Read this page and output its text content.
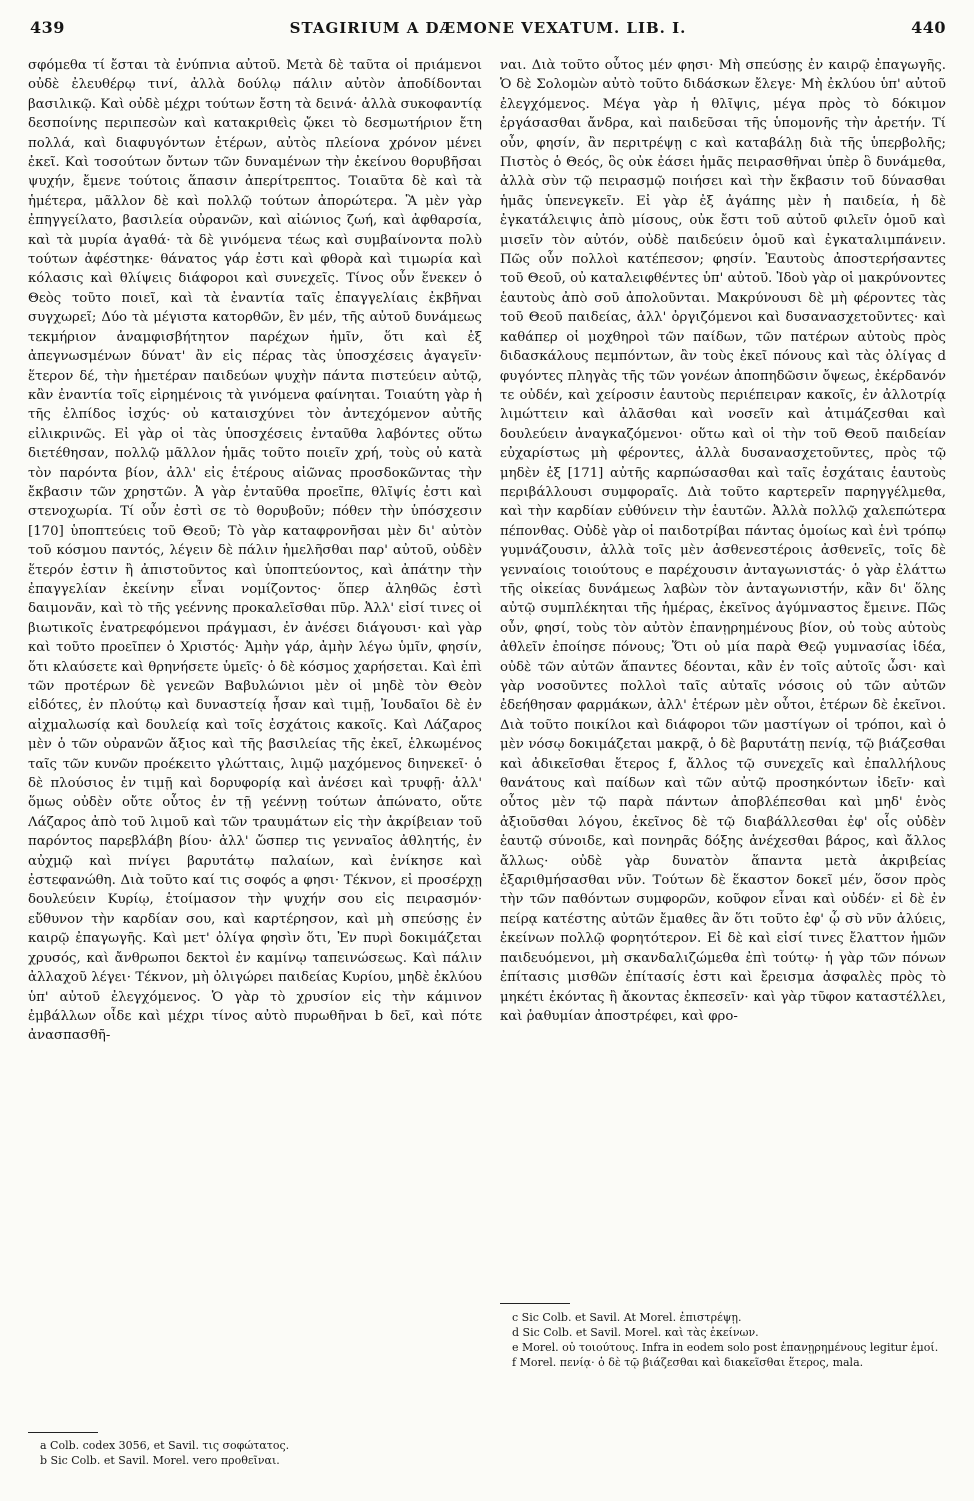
439	STAGIRIUM A DÆMONE VEXATUM. LIB. I.	440

σφόμεθα τί ἔσται τὰ ἐνύπνια αὐτοῦ. Μετὰ δὲ ταῦτα οἱ πριάμενοι οὐδὲ ἐλευθέρῳ τινί, ἀλλὰ δούλῳ πάλιν αὐτὸν ἀποδίδονται βασιλικῷ. Καὶ οὐδὲ μέχρι τούτων ἔστη τὰ δεινά· ἀλλὰ συκοφαντίᾳ δεσποίνης περιπεσὼν καὶ κατακριθεὶς ᾤκει τὸ δεσμωτήριον ἔτη πολλά, καὶ διαφυγόντων ἑτέρων, αὐτὸς πλείονα χρόνον μένει ἐκεῖ. Καὶ τοσούτων ὄντων τῶν δυναμένων τὴν ἐκείνου θορυβῆσαι ψυχήν, ἔμενε τούτοις ἅπασιν ἀπερίτρεπτος. Τοιαῦτα δὲ καὶ τὰ ἡμέτερα, μᾶλλον δὲ καὶ πολλῷ τούτων ἀπορώτερα. Ἃ μὲν γὰρ ἐπηγγείλατο, βασιλεία οὐρανῶν, καὶ αἰώνιος ζωή, καὶ ἀφθαρσία, καὶ τὰ μυρία ἀγαθά· τὰ δὲ γινόμενα τέως καὶ συμβαίνοντα πολὺ τούτων ἀφέστηκε· θάνατος γάρ ἐστι καὶ φθορὰ καὶ τιμωρία καὶ κόλασις καὶ θλίψεις διάφοροι καὶ συνεχεῖς. Τίνος οὖν ἕνεκεν ὁ Θεὸς τοῦτο ποιεῖ, καὶ τὰ ἐναντία ταῖς ἐπαγγελίαις ἐκβῆναι συγχωρεῖ; Δύο τὰ μέγιστα κατορθῶν, ἓν μέν, τῆς αὐτοῦ δυνάμεως τεκμήριον ἀναμφισβήτητον παρέχων ἡμῖν, ὅτι καὶ ἐξ ἀπεγνωσμένων δύνατ' ἂν εἰς πέρας τὰς ὑποσχέσεις ἀγαγεῖν· ἕτερον δέ, τὴν ἡμετέραν παιδεύων ψυχὴν πάντα πιστεύειν αὐτῷ, κἂν ἐναντία τοῖς εἰρημένοις τὰ γινόμενα φαίνηται. Τοιαύτη γὰρ ἡ τῆς ἐλπίδος ἰσχύς· οὐ καταισχύνει τὸν ἀντεχόμενον αὐτῆς εἰλικρινῶς. Εἰ γὰρ οἱ τὰς ὑποσχέσεις ἐνταῦθα λαβόντες οὕτω διετέθησαν, πολλῷ μᾶλλον ἡμᾶς τοῦτο ποιεῖν χρή, τοὺς οὐ κατὰ τὸν παρόντα βίον, ἀλλ' εἰς ἑτέρους αἰῶνας προσδοκῶντας τὴν ἔκβασιν τῶν χρηστῶν. Ἀ γὰρ ἐνταῦθα προεῖπε, θλῖψίς ἐστι καὶ στενοχωρία. Τί οὖν ἐστὶ σε τὸ θορυβοῦν; πόθεν τὴν ὑπόσχεσιν [170] ὑποπτεύεις τοῦ Θεοῦ; Τὸ γὰρ καταφρονῆσαι μὲν δι' αὐτὸν τοῦ κόσμου παντός, λέγειν δὲ πάλιν ἠμελῆσθαι παρ' αὐτοῦ, οὐδὲν ἕτερόν ἐστιν ἢ ἀπιστοῦντος καὶ ὑποπτεύοντος, καὶ ἀπάτην τὴν ἐπαγγελίαν ἐκείνην εἶναι νομίζοντος· ὅπερ ἀληθῶς ἐστὶ δαιμονᾶν, καὶ τὸ τῆς γεέννης προκαλεῖσθαι πῦρ. Ἀλλ' εἰσί τινες οἱ βιωτικοῖς ἐνατρεφόμενοι πράγμασι, ἐν ἀνέσει διάγουσι· καὶ γὰρ καὶ τοῦτο προεῖπεν ὁ Χριστός· Ἀμὴν γάρ, ἀμὴν λέγω ὑμῖν, φησίν, ὅτι κλαύσετε καὶ θρηνήσετε ὑμεῖς· ὁ δὲ κόσμος χαρήσεται. Καὶ ἐπὶ τῶν προτέρων δὲ γενεῶν Βαβυλώνιοι μὲν οἱ μηδὲ τὸν Θεὸν εἰδότες, ἐν πλούτῳ καὶ δυναστείᾳ ἦσαν καὶ τιμῇ, Ἰουδαῖοι δὲ ἐν αἰχμαλωσίᾳ καὶ δουλείᾳ καὶ τοῖς ἐσχάτοις κακοῖς. Καὶ Λάζαρος μὲν ὁ τῶν οὐρανῶν ἄξιος καὶ τῆς βασιλείας τῆς ἐκεῖ, ἑλκωμένος ταῖς τῶν κυνῶν προέκειτο γλώτταις, λιμῷ μαχόμενος διηνεκεῖ· ὁ δὲ πλούσιος ἐν τιμῇ καὶ δορυφορίᾳ καὶ ἀνέσει καὶ τρυφῇ· ἀλλ' ὅμως οὐδὲν οὔτε οὗτος ἐν τῇ γεέννῃ τούτων ἀπώνατο, οὔτε Λάζαρος ἀπὸ τοῦ λιμοῦ καὶ τῶν τραυμάτων εἰς τὴν ἀκρίβειαν τοῦ παρόντος παρεβλάβη βίου· ἀλλ' ὥσπερ τις γενναῖος ἀθλητής, ἐν αὐχμῷ καὶ πνίγει βαρυτάτῳ παλαίων, καὶ ἐνίκησε καὶ ἐστεφανώθη. Διὰ τοῦτο καί τις σοφός a φησι· Τέκνον, εἰ προσέρχῃ δουλεύειν Κυρίῳ, ἑτοίμασον τὴν ψυχήν σου εἰς πειρασμόν· εὔθυνον τὴν καρδίαν σου, καὶ καρτέρησον, καὶ μὴ σπεύσῃς ἐν καιρῷ ἐπαγωγῆς. Καὶ μετ' ὀλίγα φησὶν ὅτι, Ἐν πυρὶ δοκιμάζεται χρυσός, καὶ ἄνθρωποι δεκτοὶ ἐν καμίνῳ ταπεινώσεως. Καὶ πάλιν ἀλλαχοῦ λέγει· Τέκνον, μὴ ὀλιγώρει παιδείας Κυρίου, μηδὲ ἐκλύου ὑπ' αὐτοῦ ἐλεγχόμενος. Ὁ γὰρ τὸ χρυσίον εἰς τὴν κάμινον ἐμβάλλων οἶδε καὶ μέχρι τίνος αὐτὸ πυρωθῆναι b δεῖ, καὶ πότε ἀνασπασθῆ-

ναι. Διὰ τοῦτο οὗτος μέν φησι· Μὴ σπεύσῃς ἐν καιρῷ ἐπαγωγῆς. Ὁ δὲ Σολομὼν αὐτὸ τοῦτο διδάσκων ἔλεγε· Μὴ ἐκλύου ὑπ' αὐτοῦ ἐλεγχόμενος. Μέγα γὰρ ἡ θλῖψις, μέγα πρὸς τὸ δόκιμον ἐργάσασθαι ἄνδρα, καὶ παιδεῦσαι τῆς ὑπομονῆς τὴν ἀρετήν. Τί οὖν, φησίν, ἂν περιτρέψῃ c καὶ καταβάλῃ διὰ τῆς ὑπερβολῆς; Πιστὸς ὁ Θεός, ὃς οὐκ ἐάσει ἡμᾶς πειρασθῆναι ὑπὲρ ὃ δυνάμεθα, ἀλλὰ σὺν τῷ πειρασμῷ ποιήσει καὶ τὴν ἔκβασιν τοῦ δύνασθαι ἡμᾶς ὑπενεγκεῖν. Εἰ γὰρ ἐξ ἀγάπης μὲν ἡ παιδεία, ἡ δὲ ἐγκατάλειψις ἀπὸ μίσους, οὐκ ἔστι τοῦ αὐτοῦ φιλεῖν ὁμοῦ καὶ μισεῖν τὸν αὐτόν, οὐδὲ παιδεύειν ὁμοῦ καὶ ἐγκαταλιμπάνειν. Πῶς οὖν πολλοὶ κατέπεσον; φησίν. Ἑαυτοὺς ἀποστερήσαντες τοῦ Θεοῦ, οὐ καταλειφθέντες ὑπ' αὐτοῦ. Ἰδοὺ γὰρ οἱ μακρύνοντες ἑαυτοὺς ἀπὸ σοῦ ἀπολοῦνται. Μακρύνουσι δὲ μὴ φέροντες τὰς τοῦ Θεοῦ παιδείας, ἀλλ' ὀργιζόμενοι καὶ δυσανασχετοῦντες· καὶ καθάπερ οἱ μοχθηροὶ τῶν παίδων, τῶν πατέρων αὐτοὺς πρὸς διδασκάλους πεμπόντων, ἂν τοὺς ἐκεῖ πόνους καὶ τὰς ὀλίγας d φυγόντες πληγὰς τῆς τῶν γονέων ἀποπηδῶσιν ὄψεως, ἐκέρδανόν τε οὐδέν, καὶ χείροσιν ἑαυτοὺς περιέπειραν κακοῖς, ἐν ἀλλοτρίᾳ λιμώττειν καὶ ἀλᾶσθαι καὶ νοσεῖν καὶ ἀτιμάζεσθαι καὶ δουλεύειν ἀναγκαζόμενοι· οὕτω καὶ οἱ τὴν τοῦ Θεοῦ παιδείαν εὐχαρίστως μὴ φέροντες, ἀλλὰ δυσανασχετοῦντες, πρὸς τῷ μηδὲν ἐξ [171] αὐτῆς καρπώσασθαι καὶ ταῖς ἐσχάταις ἑαυτοὺς περιβάλλουσι συμφοραῖς. Διὰ τοῦτο καρτερεῖν παρηγγέλμεθα, καὶ τὴν καρδίαν εὐθύνειν τὴν ἑαυτῶν. Ἀλλὰ πολλῷ χαλεπώτερα πέπονθας. Οὐδὲ γὰρ οἱ παιδοτρίβαι πάντας ὁμοίως καὶ ἑνὶ τρόπῳ γυμνάζουσιν, ἀλλὰ τοῖς μὲν ἀσθενεστέροις ἀσθενεῖς, τοῖς δὲ γενναίοις τοιούτους e παρέχουσιν ἀνταγωνιστάς· ὁ γὰρ ἐλάττω τῆς οἰκείας δυνάμεως λαβὼν τὸν ἀνταγωνιστήν, κἂν δι' ὅλης αὐτῷ συμπλέκηται τῆς ἡμέρας, ἐκεῖνος ἀγύμναστος ἔμεινε. Πῶς οὖν, φησί, τοὺς τὸν αὐτὸν ἐπανῃρημένους βίον, οὐ τοὺς αὐτοὺς ἀθλεῖν ἐποίησε πόνους; Ὅτι οὐ μία παρὰ Θεῷ γυμνασίας ἰδέα, οὐδὲ τῶν αὐτῶν ἅπαντες δέονται, κἂν ἐν τοῖς αὐτοῖς ὦσι· καὶ γὰρ νοσοῦντες πολλοὶ ταῖς αὐταῖς νόσοις οὐ τῶν αὐτῶν ἐδεήθησαν φαρμάκων, ἀλλ' ἑτέρων μὲν οὗτοι, ἑτέρων δὲ ἐκεῖνοι. Διὰ τοῦτο ποικίλοι καὶ διάφοροι τῶν μαστίγων οἱ τρόποι, καὶ ὁ μὲν νόσῳ δοκιμάζεται μακρᾷ, ὁ δὲ βαρυτάτῃ πενίᾳ, τῷ βιάζεσθαι καὶ ἀδικεῖσθαι ἕτερος f, ἄλλος τῷ συνεχεῖς καὶ ἐπαλλήλους θανάτους καὶ παίδων καὶ τῶν αὐτῷ προσηκόντων ἰδεῖν· καὶ οὗτος μὲν τῷ παρὰ πάντων ἀποβλέπεσθαι καὶ μηδ' ἑνὸς ἀξιοῦσθαι λόγου, ἐκεῖνος δὲ τῷ διαβάλλεσθαι ἐφ' οἷς οὐδὲν ἑαυτῷ σύνοιδε, καὶ πονηρᾶς δόξης ἀνέχεσθαι βάρος, καὶ ἄλλος ἄλλως· οὐδὲ γὰρ δυνατὸν ἅπαντα μετὰ ἀκριβείας ἐξαριθμήσασθαι νῦν. Τούτων δὲ ἕκαστον δοκεῖ μέν, ὅσον πρὸς τὴν τῶν παθόντων συμφορῶν, κοῦφον εἶναι καὶ οὐδέν· εἰ δὲ ἐν πείρᾳ κατέστης αὐτῶν ἔμαθες ἂν ὅτι τοῦτο ἐφ' ᾧ σὺ νῦν ἀλύεις, ἐκείνων πολλῷ φορητότερον. Εἰ δὲ καὶ εἰσί τινες ἔλαττον ἡμῶν παιδευόμενοι, μὴ σκανδαλιζώμεθα ἐπὶ τούτῳ· ἡ γὰρ τῶν πόνων ἐπίτασις μισθῶν ἐπίτασίς ἐστι καὶ ἔρεισμα ἀσφαλὲς πρὸς τὸ μηκέτι ἐκόντας ἢ ἄκοντας ἐκπεσεῖν· καὶ γὰρ τῦφον καταστέλλει, καὶ ῥαθυμίαν ἀποστρέφει, καὶ φρο-

c Sic Colb. et Savil. At Morel. ἐπιστρέψῃ.
d Sic Colb. et Savil. Morel. καὶ τὰς ἐκείνων.
e Morel. οὐ τοιούτους. Infra in eodem solo post ἐπανῃρημένους legitur ἐμοί.
f Morel. πενίᾳ· ὁ δὲ τῷ βιάζεσθαι καὶ διακεῖσθαι ἕτερος, mala.
a Colb. codex 3056, et Savil. τις σοφώτατος.
b Sic Colb. et Savil. Morel. vero προθεῖναι.
